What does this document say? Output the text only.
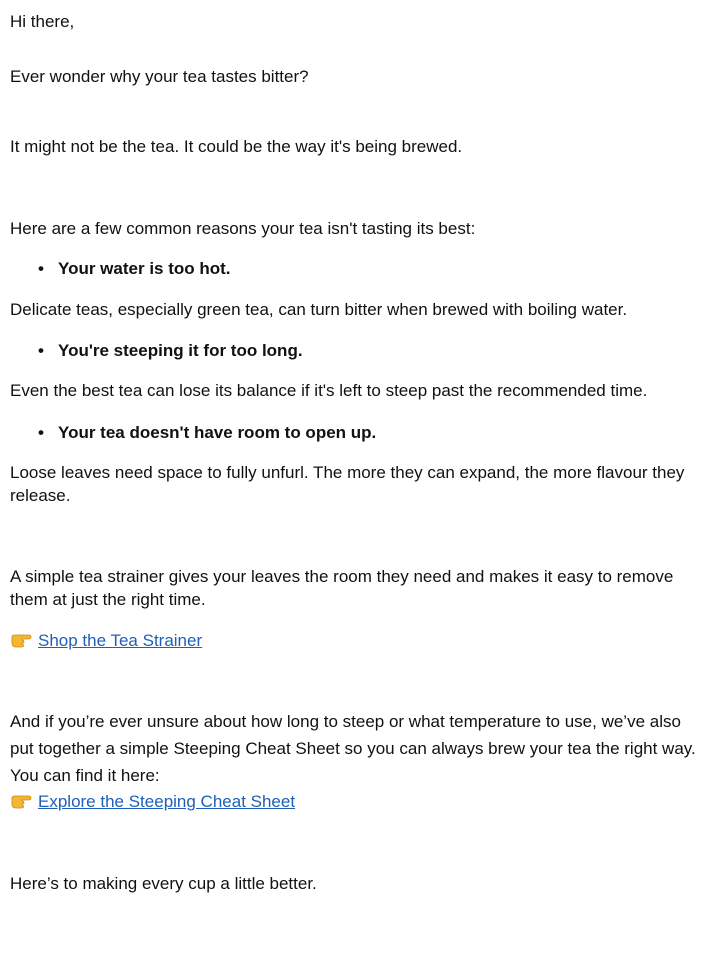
Hi there,

Ever wonder why your tea tastes bitter?

It might not be the tea. It could be the way it's being brewed.

Here are a few common reasons your tea isn't tasting its best:

• Your water is too hot.

Delicate teas, especially green tea, can turn bitter when brewed with boiling water.

• You're steeping it for too long.

Even the best tea can lose its balance if it's left to steep past the recommended time.

• Your tea doesn't have room to open up.

Loose leaves need space to fully unfurl. The more they can expand, the more flavour they release.

A simple tea strainer gives your leaves the room they need and makes it easy to remove them at just the right time.

Shop the Tea Strainer

And if you’re ever unsure about how long to steep or what temperature to use, we’ve also put together a simple Steeping Cheat Sheet so you can always brew your tea the right way. You can find it here:

Explore the Steeping Cheat Sheet

Here’s to making every cup a little better.
